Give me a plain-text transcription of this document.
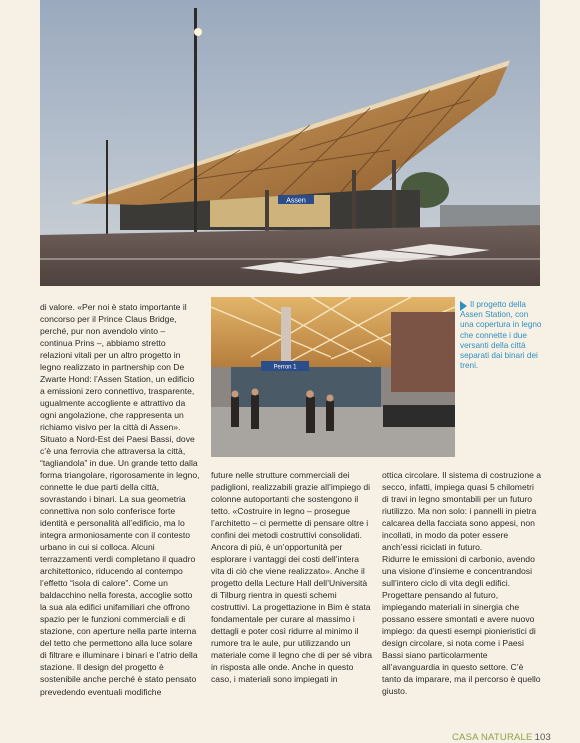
Assen
Perron 1

Il progetto della Assen Station, con una copertura in legno che connette i due versanti della città separati dai binari dei treni.

di valore. «Per noi è stato importante il concorso per il Prince Claus Bridge, perché, pur non avendolo vinto – continua Prins –, abbiamo stretto relazioni vitali per un altro progetto in legno realizzato in partnership con De Zwarte Hond: l’Assen Station, un edificio a emissioni zero connettivo, trasparente, ugualmente accogliente e attrattivo da ogni angolazione, che rappresenta un richiamo visivo per la città di Assen». Situato a Nord-Est dei Paesi Bassi, dove c’è una ferrovia che attraversa la città, “tagliandola” in due. Un grande tetto dalla forma triangolare, rigorosamente in legno, connette le due parti della città, sovrastando i binari. La sua geometria connettiva non solo conferisce forte identità e personalità all’edificio, ma lo integra armoniosamente con il contesto urbano in cui si colloca. Alcuni terrazzamenti verdi completano il quadro architettonico, riducendo al contempo l’effetto “isola di calore”. Come un baldacchino nella foresta, accoglie sotto la sua ala edifici unifamiliari che offrono spazio per le funzioni commerciali e di stazione, con aperture nella parte interna del tetto che permettono alla luce solare di filtrare e illuminare i binari e l’atrio della stazione. Il design del progetto è sostenibile anche perché è stato pensato prevedendo eventuali modifiche

future nelle strutture commerciali dei padiglioni, realizzabili grazie all’impiego di colonne autoportanti che sostengono il tetto. «Costruire in legno – prosegue l’architetto – ci permette di pensare oltre i confini dei metodi costruttivi consolidati. Ancora di più, è un’opportunità per esplorare i vantaggi dei costi dell’intera vita di ciò che viene realizzato». Anche il progetto della Lecture Hall dell’Università di Tilburg rientra in questi schemi costruttivi. La progettazione in Bim è stata fondamentale per curare al massimo i dettagli e poter così ridurre al minimo il rumore tra le aule, pur utilizzando un materiale come il legno che di per sé vibra in risposta alle onde. Anche in questo caso, i materiali sono impiegati in

ottica circolare. Il sistema di costruzione a secco, infatti, impiega quasi 5 chilometri di travi in legno smontabili per un futuro riutilizzo. Ma non solo: i pannelli in pietra calcarea della facciata sono appesi, non incollati, in modo da poter essere anch’essi riciclati in futuro.

Ridurre le emissioni di carbonio, avendo una visione d’insieme e concentrandosi sull’intero ciclo di vita degli edifici. Progettare pensando al futuro, impiegando materiali in sinergia che possano essere smontati e avere nuovo impiego: da questi esempi pionieristici di design circolare, si nota come i Paesi Bassi siano particolarmente all’avanguardia in questo settore. C’è tanto da imparare, ma il percorso è quello giusto.

CASA NATURALE 103
